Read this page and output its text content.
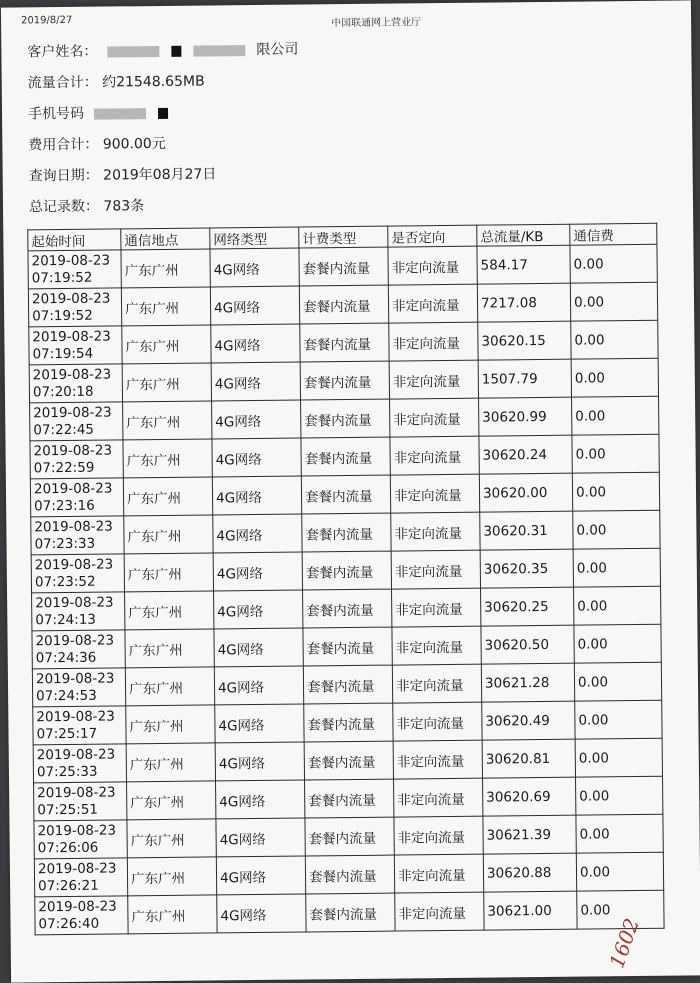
2019/8/27	中国联通网上营业厅
客户姓名：	限公司
流量合计： 约21548.65MB
手机号码
费用合计： 900.00元
查询日期： 2019年08月27日
总记录数： 783条
起始时间	通信地点	网络类型	计费类型	是否定向	总流量/KB	通信费

2019-08-23
07:19:52	广东广州	4G网络	套餐内流量	非定向流量	584.17	0.00

2019-08-23
07:19:52	广东广州	4G网络	套餐内流量	非定向流量	7217.08	0.00

2019-08-23
07:19:54	广东广州	4G网络	套餐内流量	非定向流量	30620.15	0.00

2019-08-23
07:20:18	广东广州	4G网络	套餐内流量	非定向流量	1507.79	0.00

2019-08-23
07:22:45	广东广州	4G网络	套餐内流量	非定向流量	30620.99	0.00

2019-08-23
07:22:59	广东广州	4G网络	套餐内流量	非定向流量	30620.24	0.00

2019-08-23
07:23:16	广东广州	4G网络	套餐内流量	非定向流量	30620.00	0.00

2019-08-23
07:23:33	广东广州	4G网络	套餐内流量	非定向流量	30620.31	0.00

2019-08-23
07:23:52	广东广州	4G网络	套餐内流量	非定向流量	30620.35	0.00

2019-08-23
07:24:13	广东广州	4G网络	套餐内流量	非定向流量	30620.25	0.00

2019-08-23
07:24:36	广东广州	4G网络	套餐内流量	非定向流量	30620.50	0.00

2019-08-23
07:24:53	广东广州	4G网络	套餐内流量	非定向流量	30621.28	0.00

2019-08-23
07:25:17	广东广州	4G网络	套餐内流量	非定向流量	30620.49	0.00

2019-08-23
07:25:33	广东广州	4G网络	套餐内流量	非定向流量	30620.81	0.00

2019-08-23
07:25:51	广东广州	4G网络	套餐内流量	非定向流量	30620.69	0.00

2019-08-23
07:26:06	广东广州	4G网络	套餐内流量	非定向流量	30621.39	0.00

2019-08-23
07:26:21	广东广州	4G网络	套餐内流量	非定向流量	30620.88	0.00

2019-08-23
07:26:40	广东广州	4G网络	套餐内流量	非定向流量	30621.00	0.00
1602
